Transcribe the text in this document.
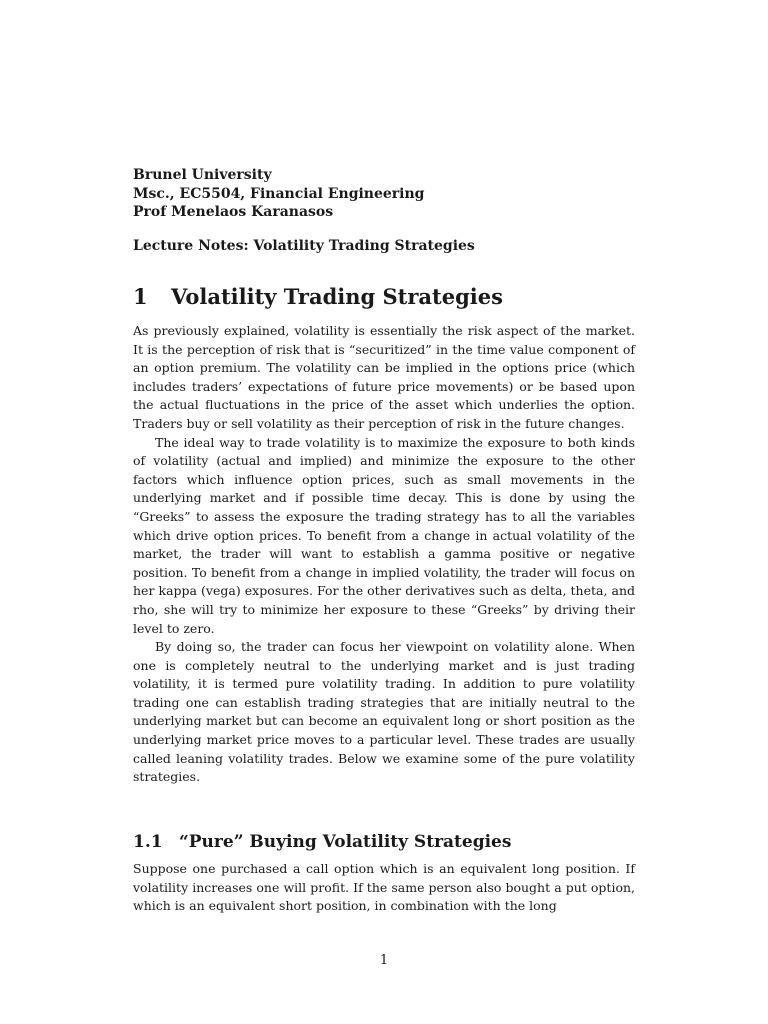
Brunel University
Msc., EC5504, Financial Engineering
Prof Menelaos Karanasos
Lecture Notes: Volatility Trading Strategies
1 Volatility Trading Strategies

As previously explained, volatility is essentially the risk aspect of the market. It is the perception of risk that is “securitized” in the time value component of an option premium. The volatility can be implied in the options price (which includes traders’ expectations of future price movements) or be based upon the actual fluctuations in the price of the asset which underlies the option. Traders buy or sell volatility as their perception of risk in the future changes.

The ideal way to trade volatility is to maximize the exposure to both kinds of volatility (actual and implied) and minimize the exposure to the other factors which influence option prices, such as small movements in the underlying market and if possible time decay. This is done by using the “Greeks” to assess the exposure the trading strategy has to all the variables which drive option prices. To benefit from a change in actual volatility of the market, the trader will want to establish a gamma positive or negative position. To benefit from a change in implied volatility, the trader will focus on her kappa (vega) exposures. For the other derivatives such as delta, theta, and rho, she will try to minimize her exposure to these “Greeks” by driving their level to zero.

By doing so, the trader can focus her viewpoint on volatility alone. When one is completely neutral to the underlying market and is just trading volatility, it is termed pure volatility trading. In addition to pure volatility trading one can establish trading strategies that are initially neutral to the underlying market but can become an equivalent long or short position as the underlying market price moves to a particular level. These trades are usually called leaning volatility trades. Below we examine some of the pure volatility strategies.

1.1 “Pure” Buying Volatility Strategies

Suppose one purchased a call option which is an equivalent long position. If volatility increases one will profit. If the same person also bought a put option, which is an equivalent short position, in combination with the long

1
